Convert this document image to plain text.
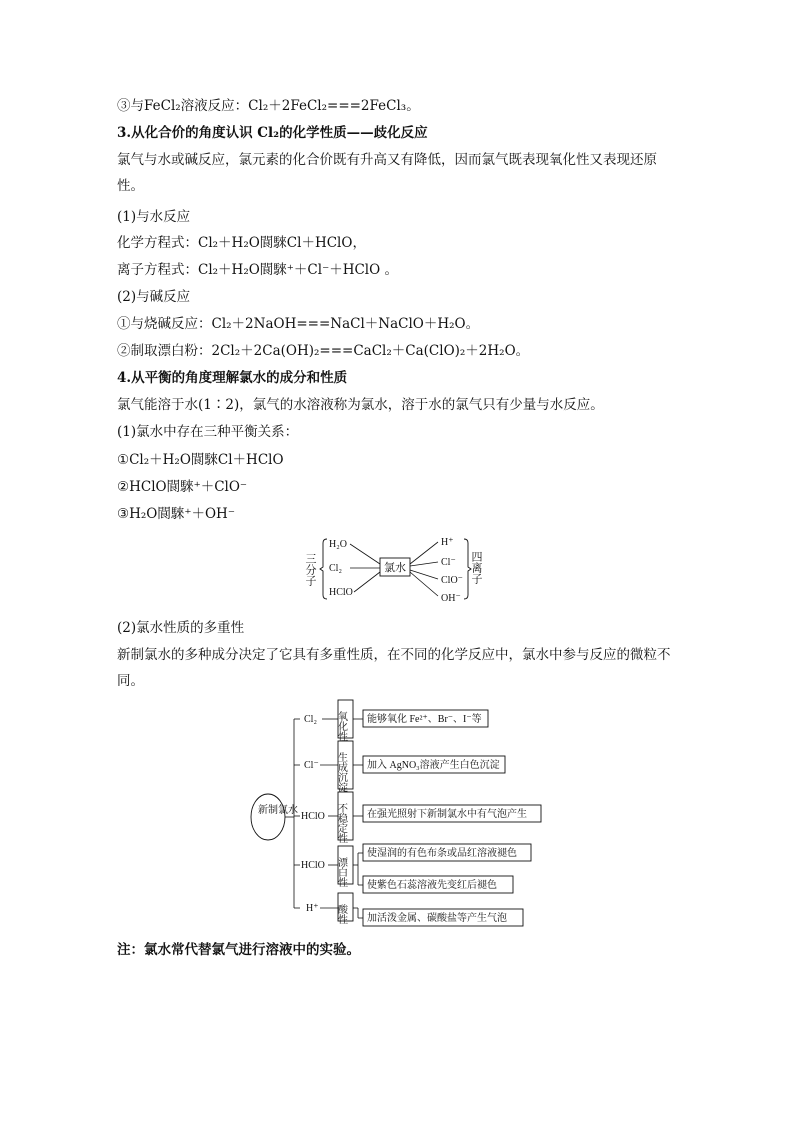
③与FeCl₂溶液反应：Cl₂＋2FeCl₂===2FeCl₃。
3.从化合价的角度认识 Cl₂的化学性质——歧化反应
氯气与水或碱反应，氯元素的化合价既有升高又有降低，因而氯气既表现氧化性又表现还原性。
(1)与水反应
化学方程式：Cl₂＋H₂O䦘騋Cl＋HClO，
离子方程式：Cl₂＋H₂O䦘騋⁺＋Cl⁻＋HClO 。
(2)与碱反应
①与烧碱反应：Cl₂＋2NaOH===NaCl＋NaClO＋H₂O。
②制取漂白粉：2Cl₂＋2Ca(OH)₂===CaCl₂＋Ca(ClO)₂＋2H₂O。
4.从平衡的角度理解氯水的成分和性质
氯气能溶于水(1∶2)，氯气的水溶液称为氯水，溶于水的氯气只有少量与水反应。
(1)氯水中存在三种平衡关系：
①Cl₂＋H₂O䦘騋Cl＋HClO
②HClO䦘騋⁺＋ClO⁻
③H₂O䦘騋⁺＋OH⁻
三分子
H₂O
Cl₂
HClO
氯水
H⁺
Cl⁻
ClO⁻
OH⁻
四离子
(2)氯水性质的多重性
新制氯水的多种成分决定了它具有多重性质，在不同的化学反应中，氯水中参与反应的微粒不同。
新制氯水
Cl₂
Cl⁻
HClO
HClO
H⁺
氧化性
生成沉淀
不稳定性
漂白性
酸性
能够氧化 Fe²⁺、Br⁻、I⁻等
加入 AgNO₃溶液产生白色沉淀
在强光照射下新制氯水中有气泡产生
使湿润的有色布条或品红溶液褪色
使紫色石蕊溶液先变红后褪色
加活泼金属、碳酸盐等产生气泡
注：氯水常代替氯气进行溶液中的实验。
